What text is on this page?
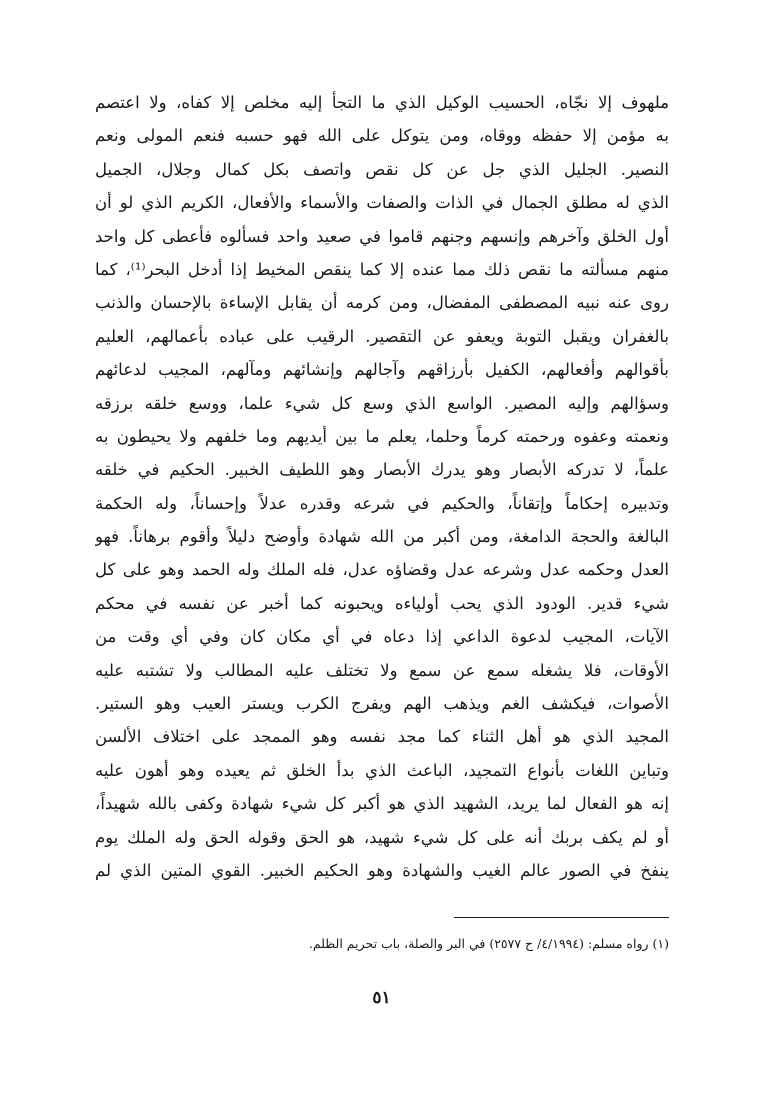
ملهوف إلا نجّاه، الحسيب الوكيل الذي ما التجأ إليه مخلص إلا كفاه، ولا اعتصم
به مؤمن إلا حفظه ووقاه، ومن يتوكل على الله فهو حسبه فنعم المولى ونعم
النصير. الجليل الذي جل عن كل نقص واتصف بكل كمال وجلال، الجميل
الذي له مطلق الجمال في الذات والصفات والأسماء والأفعال، الكريم الذي لو أن
أول الخلق وآخرهم وإنسهم وجنهم قاموا في صعيد واحد فسألوه فأعطى كل واحد
منهم مسألته ما نقص ذلك مما عنده إلا كما ينقص المخيط إذا أدخل البحر⁽¹⁾، كما
روى عنه نبيه المصطفى المفضال، ومن كرمه أن يقابل الإساءة بالإحسان والذنب
بالغفران ويقبل التوبة ويعفو عن التقصير. الرقيب على عباده بأعمالهم، العليم
بأقوالهم وأفعالهم، الكفيل بأرزاقهم وآجالهم وإنشائهم ومآلهم، المجيب لدعائهم
وسؤالهم وإليه المصير. الواسع الذي وسع كل شيء علما، ووسع خلقه برزقه
ونعمته وعفوه ورحمته كرماً وحلما، يعلم ما بين أيديهم وما خلفهم ولا يحيطون به
علماً، لا تدركه الأبصار وهو يدرك الأبصار وهو اللطيف الخبير. الحكيم في خلقه
وتدبيره إحكاماً وإتقاناً، والحكيم في شرعه وقدره عدلاً وإحساناً، وله الحكمة
البالغة والحجة الدامغة، ومن أكبر من الله شهادة وأوضح دليلاً وأقوم برهاناً. فهو
العدل وحكمه عدل وشرعه عدل وقضاؤه عدل، فله الملك وله الحمد وهو على كل
شيء قدير. الودود الذي يحب أولياءه ويحبونه كما أخبر عن نفسه في محكم
الآيات، المجيب لدعوة الداعي إذا دعاه في أي مكان كان وفي أي وقت من
الأوقات، فلا يشغله سمع عن سمع ولا تختلف عليه المطالب ولا تشتبه عليه
الأصوات، فيكشف الغم ويذهب الهم ويفرج الكرب ويستر العيب وهو الستير.
المجيد الذي هو أهل الثناء كما مجد نفسه وهو الممجد على اختلاف الألسن
وتباين اللغات بأنواع التمجيد، الباعث الذي بدأ الخلق ثم يعيده وهو أهون عليه
إنه هو الفعال لما يريد، الشهيد الذي هو أكبر كل شيء شهادة وكفى بالله شهيداً،
أو لم يكف بربك أنه على كل شيء شهيد، هو الحق وقوله الحق وله الملك يوم
ينفخ في الصور عالم الغيب والشهادة وهو الحكيم الخبير. القوي المتين الذي لم
(١) رواه مسلم: (٤/١٩٩٤/ ح ٢٥٧٧) في البر والصلة، باب تحريم الظلم.
٥١
